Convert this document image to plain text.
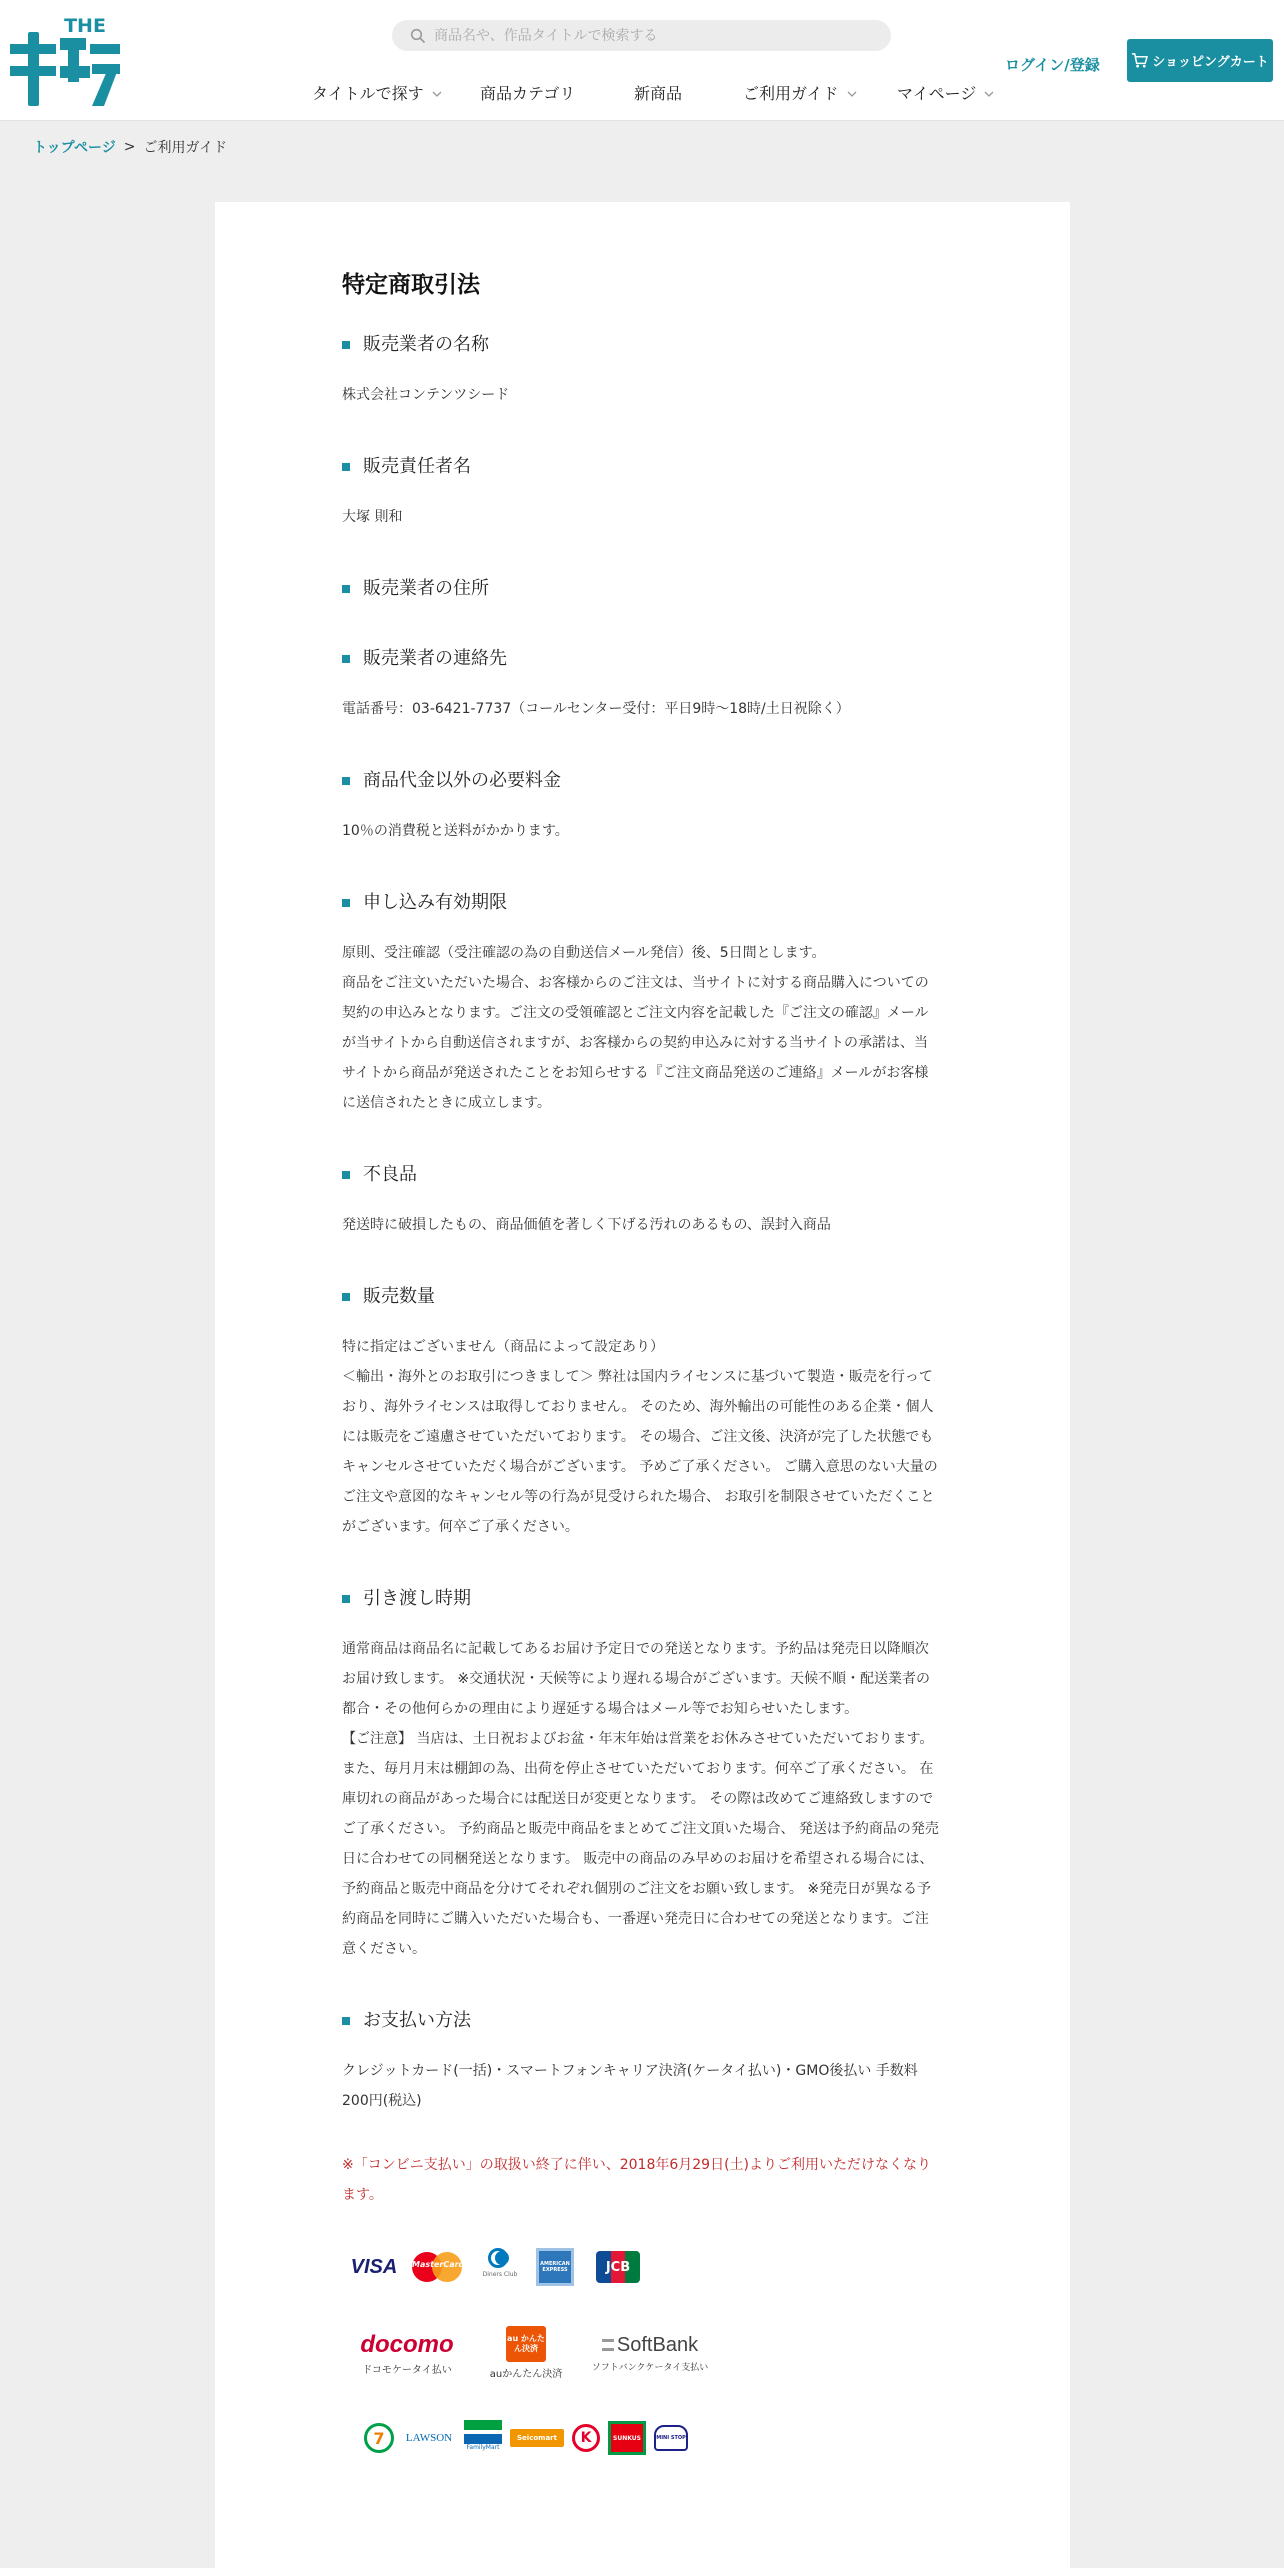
THE
商品名や、作品タイトルで検索する
タイトルで探す	商品カテゴリ	新商品	ご利用ガイド	マイページ
ログイン/登録	ショッピングカート
トップページ > ご利用ガイド
特定商取引法
販売業者の名称

株式会社コンテンツシード

販売責任者名

大塚 則和

販売業者の住所
販売業者の連絡先

電話番号：03-6421-7737（コールセンター受付：平日9時～18時/土日祝除く）

商品代金以外の必要料金

10％の消費税と送料がかかります。

申し込み有効期限

原則、受注確認（受注確認の為の自動送信メール発信）後、5日間とします。

商品をご注文いただいた場合、お客様からのご注文は、当サイトに対する商品購入についての契約の申込みとなります。ご注文の受領確認とご注文内容を記載した『ご注文の確認』メールが当サイトから自動送信されますが、お客様からの契約申込みに対する当サイトの承諾は、当サイトから商品が発送されたことをお知らせする『ご注文商品発送のご連絡』メールがお客様に送信されたときに成立します。

不良品

発送時に破損したもの、商品価値を著しく下げる汚れのあるもの、誤封入商品

販売数量

特に指定はございません（商品によって設定あり）

＜輸出・海外とのお取引につきまして＞ 弊社は国内ライセンスに基づいて製造・販売を行っており、海外ライセンスは取得しておりません。 そのため、海外輸出の可能性のある企業・個人には販売をご遠慮させていただいております。 その場合、ご注文後、決済が完了した状態でもキャンセルさせていただく場合がございます。 予めご了承ください。 ご購入意思のない大量のご注文や意図的なキャンセル等の行為が見受けられた場合、 お取引を制限させていただくことがございます。何卒ご了承ください。

引き渡し時期

通常商品は商品名に記載してあるお届け予定日での発送となります。予約品は発売日以降順次お届け致します。 ※交通状況・天候等により遅れる場合がございます。天候不順・配送業者の都合・その他何らかの理由により遅延する場合はメール等でお知らせいたします。

【ご注意】 当店は、土日祝およびお盆・年末年始は営業をお休みさせていただいております。 また、毎月月末は棚卸の為、出荷を停止させていただいております。何卒ご了承ください。 在庫切れの商品があった場合には配送日が変更となります。 その際は改めてご連絡致しますのでご了承ください。 予約商品と販売中商品をまとめてご注文頂いた場合、 発送は予約商品の発売日に合わせての同梱発送となります。 販売中の商品のみ早めのお届けを希望される場合には、 予約商品と販売中商品を分けてそれぞれ個別のご注文をお願い致します。 ※発売日が異なる予約商品を同時にご購入いただいた場合も、一番遅い発売日に合わせての発送となります。ご注意ください。

お支払い方法

クレジットカード(一括)・スマートフォンキャリア決済(ケータイ払い)・GMO後払い 手数料200円(税込)

※「コンビニ支払い」の取扱い終了に伴い、2018年6月29日(土)よりご利用いただけなくなります。

VISA MasterCard
Diners Club
AMERICAN EXPRESS	JCB
docomo
ドコモケータイ払い
au かんたん決済
auかんたん決済
SoftBank
ソフトバンクケータイ支払い
7	LAWSON
FamilyMart
Seicomart	K	SUNKUS	MINI STOP
